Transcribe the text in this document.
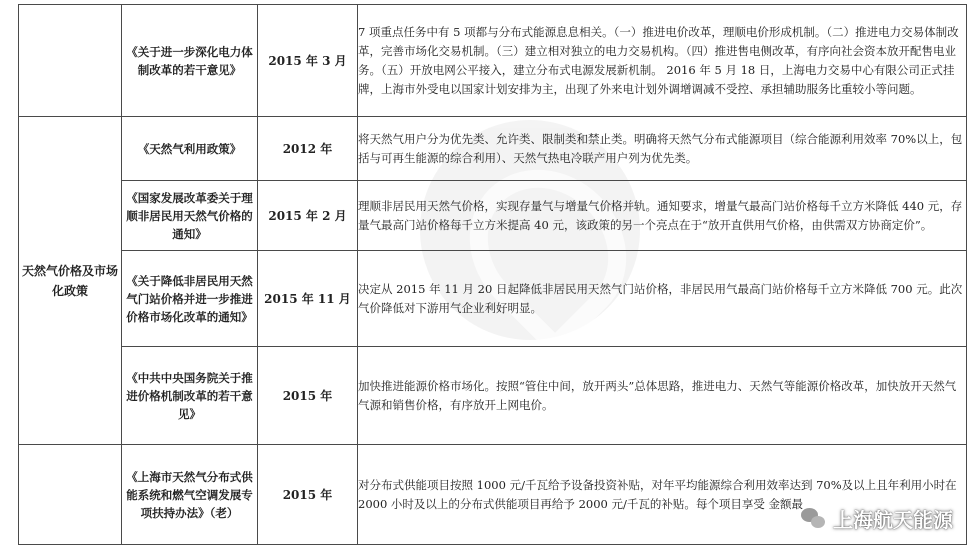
	《关于进一步深化电力体制改革的若干意见》	2015 年 3 月	7 项重点任务中有 5 项都与分布式能源息息相关。（一）推进电价改革，理顺电价形成机制。（二）推进电力交易体制改革，完善市场化交易机制。（三）建立相对独立的电力交易机构。（四）推进售电侧改革，有序向社会资本放开配售电业务。（五）开放电网公平接入，建立分布式电源发展新机制。 2016 年 5 月 18 日，上海电力交易中心有限公司正式挂牌，上海市外受电以国家计划安排为主，出现了外来电计划外调增调减不受控、承担辅助服务比重较小等问题。
天然气价格及市场化政策	《天然气利用政策》	2012 年	将天然气用户分为优先类、允许类、限制类和禁止类。明确将天然气分布式能源项目（综合能源利用效率 70%以上，包括与可再生能源的综合利用）、天然气热电冷联产用户列为优先类。
	《国家发展改革委关于理顺非居民用天然气价格的通知》	2015 年 2 月	理顺非居民用天然气价格，实现存量气与增量气价格并轨。通知要求，增量气最高门站价格每千立方米降低 440 元，存量气最高门站价格每千立方米提高 40 元，该政策的另一个亮点在于“放开直供用气价格，由供需双方协商定价”。
	《关于降低非居民用天然气门站价格并进一步推进价格市场化改革的通知》	2015 年 11 月	决定从 2015 年 11 月 20 日起降低非居民用天然气门站价格，非居民用气最高门站价格每千立方米降低 700 元。此次气价降低对下游用气企业利好明显。
	《中共中央国务院关于推进价格机制改革的若干意见》	2015 年	加快推进能源价格市场化。按照“管住中间，放开两头”总体思路，推进电力、天然气等能源价格改革，加快放开天然气气源和销售价格，有序放开上网电价。
	《上海市天然气分布式供能系统和燃气空调发展专项扶持办法》（老）	2015 年	对分布式供能项目按照 1000 元/千瓦给予设备投资补贴，对年平均能源综合利用效率达到 70%及以上且年利用小时在 2000 小时及以上的分布式供能项目再给予 2000 元/千瓦的补贴。每个项目享受 金额最
上海航天能源
